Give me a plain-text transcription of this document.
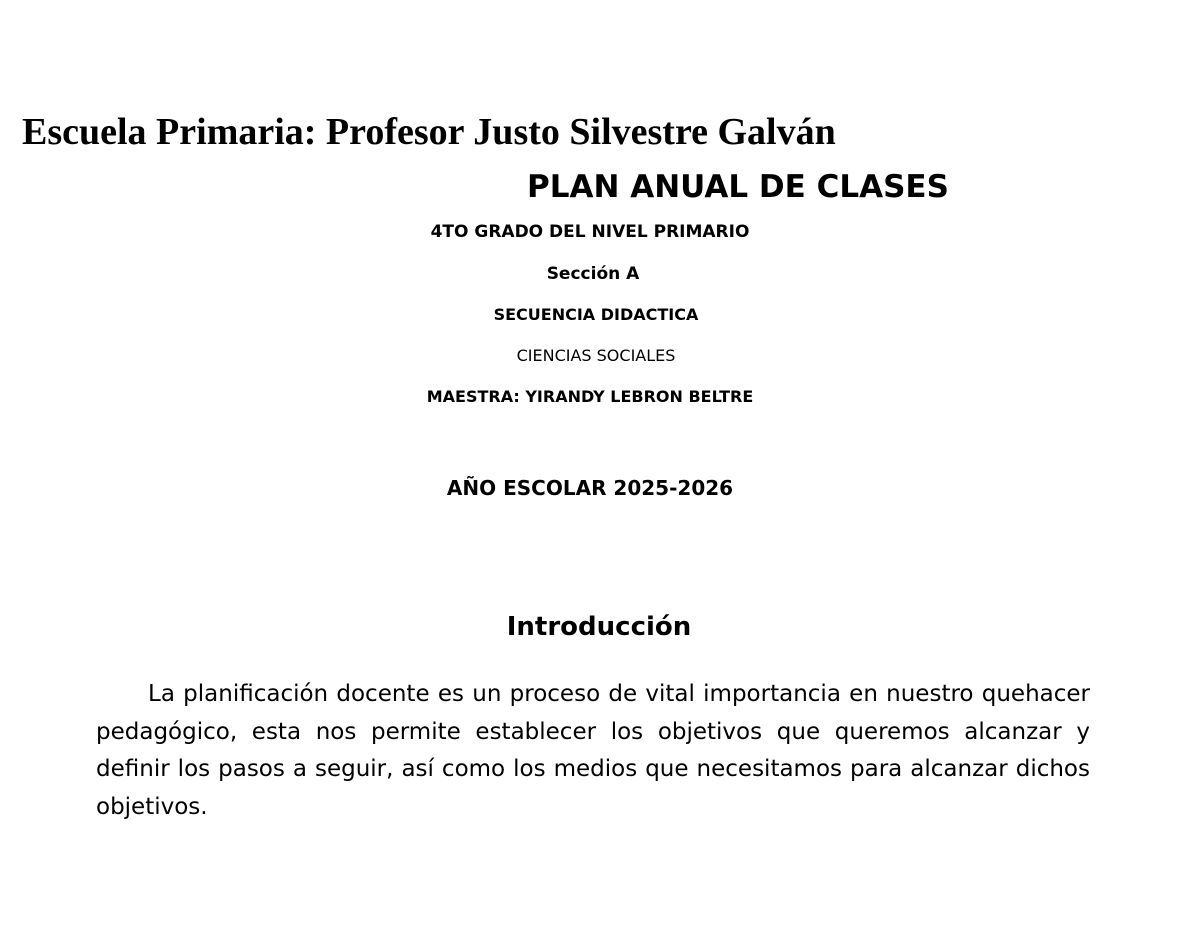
Escuela Primaria: Profesor Justo Silvestre Galván
PLAN ANUAL DE CLASES
4TO GRADO DEL NIVEL PRIMARIO
Sección A
SECUENCIA DIDACTICA
CIENCIAS SOCIALES
MAESTRA: YIRANDY LEBRON BELTRE
AÑO ESCOLAR 2025-2026
Introducción

La planificación docente es un proceso de vital importancia en nuestro quehacer pedagógico, esta nos permite establecer los objetivos que queremos alcanzar y definir los pasos a seguir, así como los medios que necesitamos para alcanzar dichos objetivos.
